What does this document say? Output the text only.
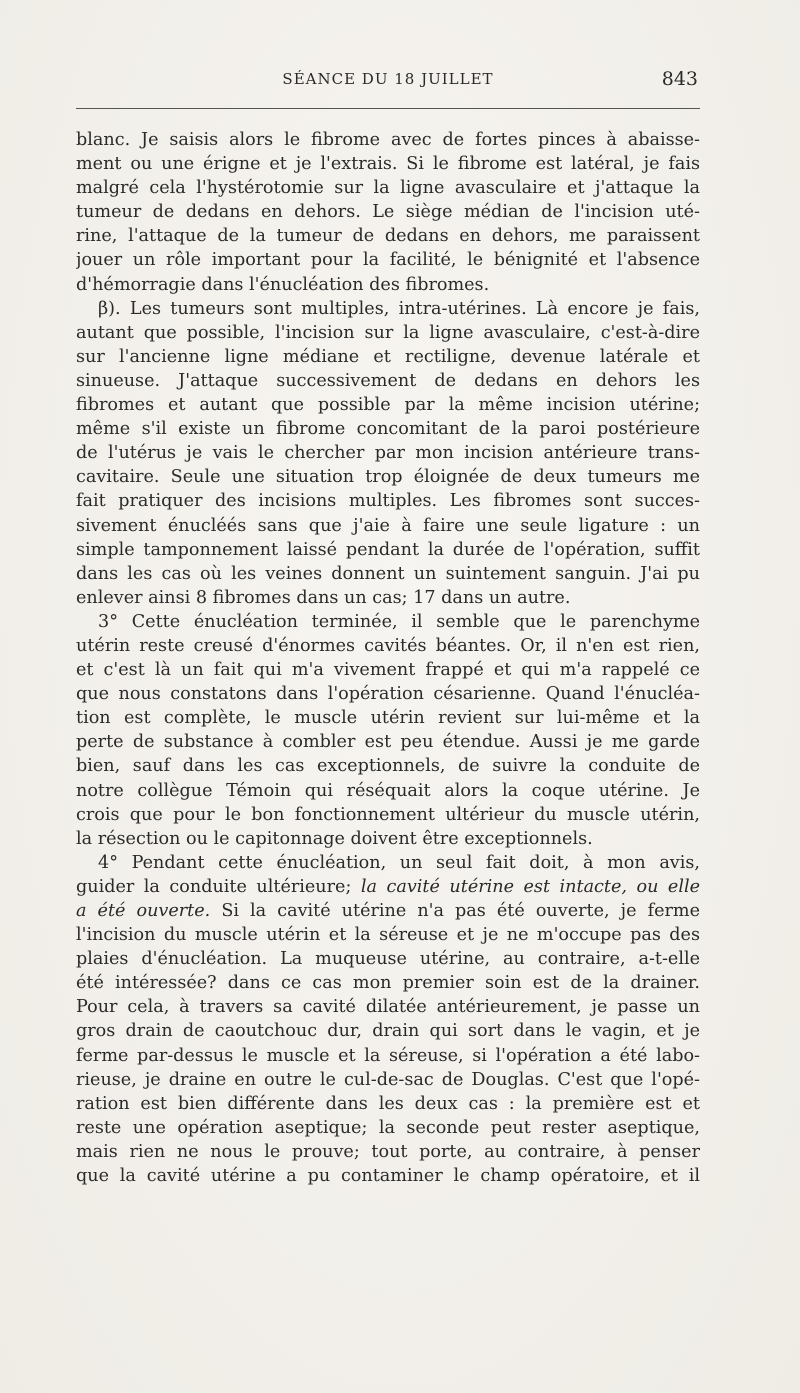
SÉANCE DU 18 JUILLET	843
blanc. Je saisis alors le fibrome avec de fortes pinces à abaisse-
ment ou une érigne et je l'extrais. Si le fibrome est latéral, je fais
malgré cela l'hystérotomie sur la ligne avasculaire et j'attaque la
tumeur de dedans en dehors. Le siège médian de l'incision uté-
rine, l'attaque de la tumeur de dedans en dehors, me paraissent
jouer un rôle important pour la facilité, le bénignité et l'absence
d'hémorragie dans l'énucléation des fibromes.
β). Les tumeurs sont multiples, intra-utérines. Là encore je fais,
autant que possible, l'incision sur la ligne avasculaire, c'est-à-dire
sur l'ancienne ligne médiane et rectiligne, devenue latérale et
sinueuse. J'attaque successivement de dedans en dehors les
fibromes et autant que possible par la même incision utérine;
même s'il existe un fibrome concomitant de la paroi postérieure
de l'utérus je vais le chercher par mon incision antérieure trans-
cavitaire. Seule une situation trop éloignée de deux tumeurs me
fait pratiquer des incisions multiples. Les fibromes sont succes-
sivement énucléés sans que j'aie à faire une seule ligature : un
simple tamponnement laissé pendant la durée de l'opération, suffit
dans les cas où les veines donnent un suintement sanguin. J'ai pu
enlever ainsi 8 fibromes dans un cas; 17 dans un autre.
3° Cette énucléation terminée, il semble que le parenchyme
utérin reste creusé d'énormes cavités béantes. Or, il n'en est rien,
et c'est là un fait qui m'a vivement frappé et qui m'a rappelé ce
que nous constatons dans l'opération césarienne. Quand l'énucléa-
tion est complète, le muscle utérin revient sur lui-même et la
perte de substance à combler est peu étendue. Aussi je me garde
bien, sauf dans les cas exceptionnels, de suivre la conduite de
notre collègue Témoin qui réséquait alors la coque utérine. Je
crois que pour le bon fonctionnement ultérieur du muscle utérin,
la résection ou le capitonnage doivent être exceptionnels.
4° Pendant cette énucléation, un seul fait doit, à mon avis,
guider la conduite ultérieure; la cavité utérine est intacte, ou elle
a été ouverte. Si la cavité utérine n'a pas été ouverte, je ferme
l'incision du muscle utérin et la séreuse et je ne m'occupe pas des
plaies d'énucléation. La muqueuse utérine, au contraire, a-t-elle
été intéressée? dans ce cas mon premier soin est de la drainer.
Pour cela, à travers sa cavité dilatée antérieurement, je passe un
gros drain de caoutchouc dur, drain qui sort dans le vagin, et je
ferme par-dessus le muscle et la séreuse, si l'opération a été labo-
rieuse, je draine en outre le cul-de-sac de Douglas. C'est que l'opé-
ration est bien différente dans les deux cas : la première est et
reste une opération aseptique; la seconde peut rester aseptique,
mais rien ne nous le prouve; tout porte, au contraire, à penser
que la cavité utérine a pu contaminer le champ opératoire, et il
